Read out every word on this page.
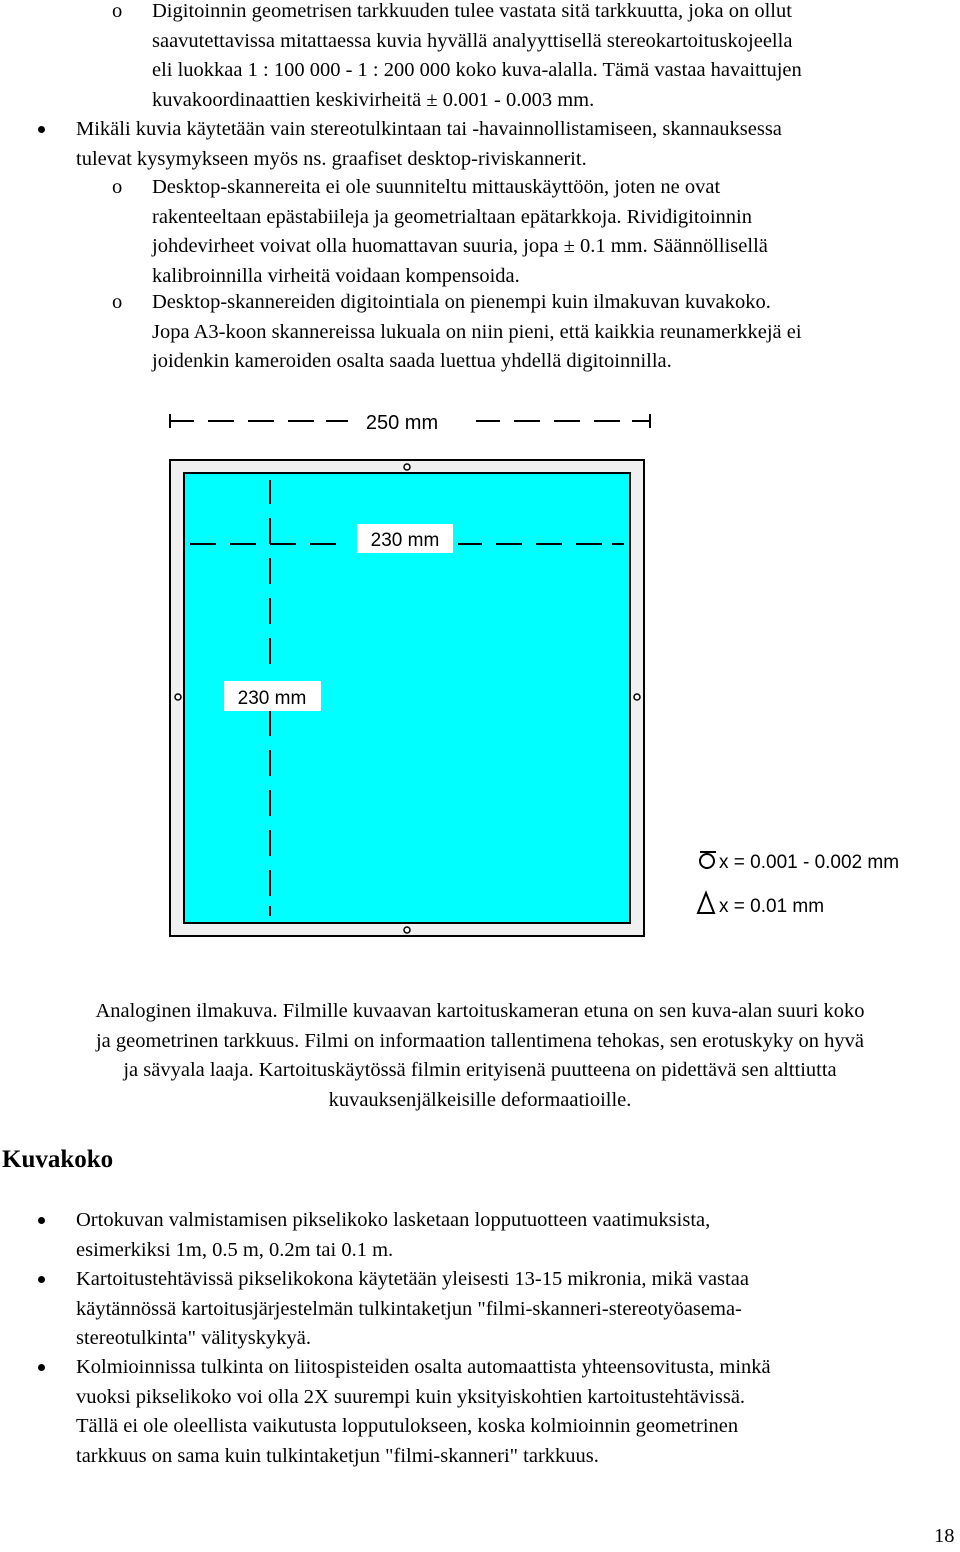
o Digitoinnin geometrisen tarkkuuden tulee vastata sitä tarkkuutta, joka on ollut
saavutettavissa mitattaessa kuvia hyvällä analyyttisellä stereokartoituskojeella
eli luokkaa 1 : 100 000 - 1 : 200 000 koko kuva-alalla. Tämä vastaa havaittujen
kuvakoordinaattien keskivirheitä ± 0.001 - 0.003 mm.
Mikäli kuvia käytetään vain stereotulkintaan tai -havainnollistamiseen, skannauksessa
tulevat kysymykseen myös ns. graafiset desktop-riviskannerit.
o Desktop-skannereita ei ole suunniteltu mittauskäyttöön, joten ne ovat
rakenteeltaan epästabiileja ja geometrialtaan epätarkkoja. Rividigitoinnin
johdevirheet voivat olla huomattavan suuria, jopa ± 0.1 mm. Säännöllisellä
kalibroinnilla virheitä voidaan kompensoida.
o Desktop-skannereiden digitointiala on pienempi kuin ilmakuvan kuvakoko.
Jopa A3-koon skannereissa lukuala on niin pieni, että kaikkia reunamerkkejä ei
joidenkin kameroiden osalta saada luettua yhdellä digitoinnilla.
250 mm
230 mm
230 mm
x = 0.001 - 0.002 mm
x = 0.01 mm
Analoginen ilmakuva. Filmille kuvaavan kartoituskameran etuna on sen kuva-alan suuri koko
ja geometrinen tarkkuus. Filmi on informaation tallentimena tehokas, sen erotuskyky on hyvä
ja sävyala laaja. Kartoituskäytössä filmin erityisenä puutteena on pidettävä sen alttiutta
kuvauksenjälkeisille deformaatioille.
Kuvakoko
Ortokuvan valmistamisen pikselikoko lasketaan lopputuotteen vaatimuksista,
esimerkiksi 1m, 0.5 m, 0.2m tai 0.1 m.
Kartoitustehtävissä pikselikokona käytetään yleisesti 13-15 mikronia, mikä vastaa
käytännössä kartoitusjärjestelmän tulkintaketjun "filmi-skanneri-stereotyöasema-
stereotulkinta" välityskykyä.
Kolmioinnissa tulkinta on liitospisteiden osalta automaattista yhteensovitusta, minkä
vuoksi pikselikoko voi olla 2X suurempi kuin yksityiskohtien kartoitustehtävissä.
Tällä ei ole oleellista vaikutusta lopputulokseen, koska kolmioinnin geometrinen
tarkkuus on sama kuin tulkintaketjun "filmi-skanneri" tarkkuus.
18
